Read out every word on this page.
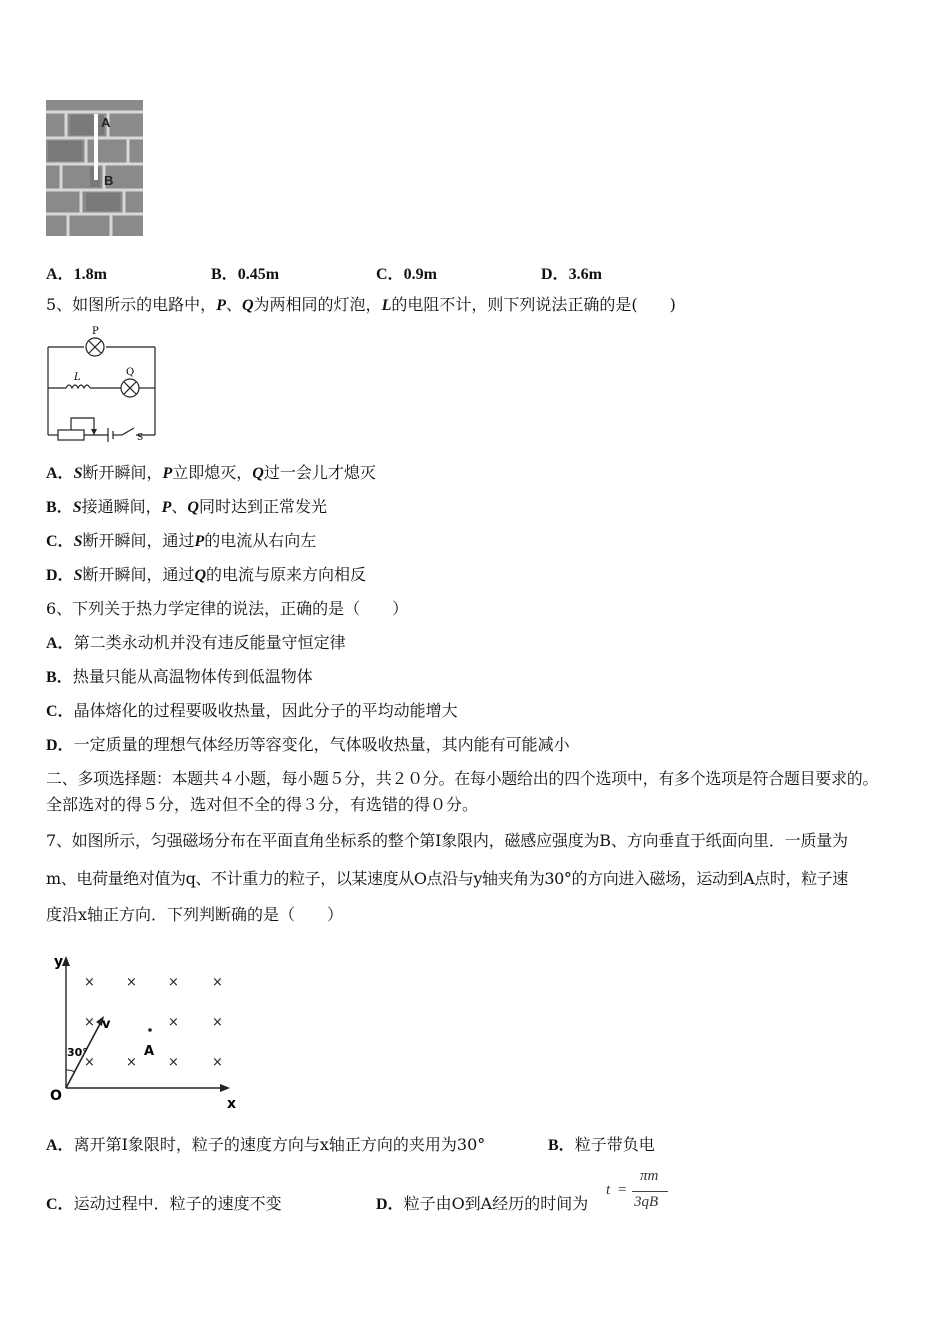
A
B
A．1.8m	B．0.45m	C．0.9m	D．3.6m
5、如图所示的电路中，P、Q为两相同的灯泡，L的电阻不计，则下列说法正确的是(　　)
P
L	Q
S
A．S断开瞬间，P立即熄灭，Q过一会儿才熄灭
B．S接通瞬间，P、Q同时达到正常发光
C．S断开瞬间，通过P的电流从右向左
D．S断开瞬间，通过Q的电流与原来方向相反
6、下列关于热力学定律的说法，正确的是（　　）
A．第二类永动机并没有违反能量守恒定律
B．热量只能从高温物体传到低温物体
C．晶体熔化的过程要吸收热量，因此分子的平均动能增大
D．一定质量的理想气体经历等容变化，气体吸收热量，其内能有可能减小
二、多项选择题：本题共４小题，每小题５分，共２０分。在每小题给出的四个选项中，有多个选项是符合题目要求的。
全部选对的得５分，选对但不全的得３分，有选错的得０分。
7、如图所示，匀强磁场分布在平面直角坐标系的整个第Ⅰ象限内，磁感应强度为B、方向垂直于纸面向里．一质量为
m、电荷量绝对值为q、不计重力的粒子，以某速度从O点沿与y轴夹角为30°的方向进入磁场，运动到A点时，粒子速
度沿x轴正方向．下列判断确的是（　　）
y
x
O
× × ×	×
×	×	×
× × ×	×
v
30°	A
A．离开第Ⅰ象限时，粒子的速度方向与x轴正方向的夹用为30°	B．粒子带负电
C．运动过程中．粒子的速度不变	D．粒子由O到A经历的时间为
t =
πm
3qB
